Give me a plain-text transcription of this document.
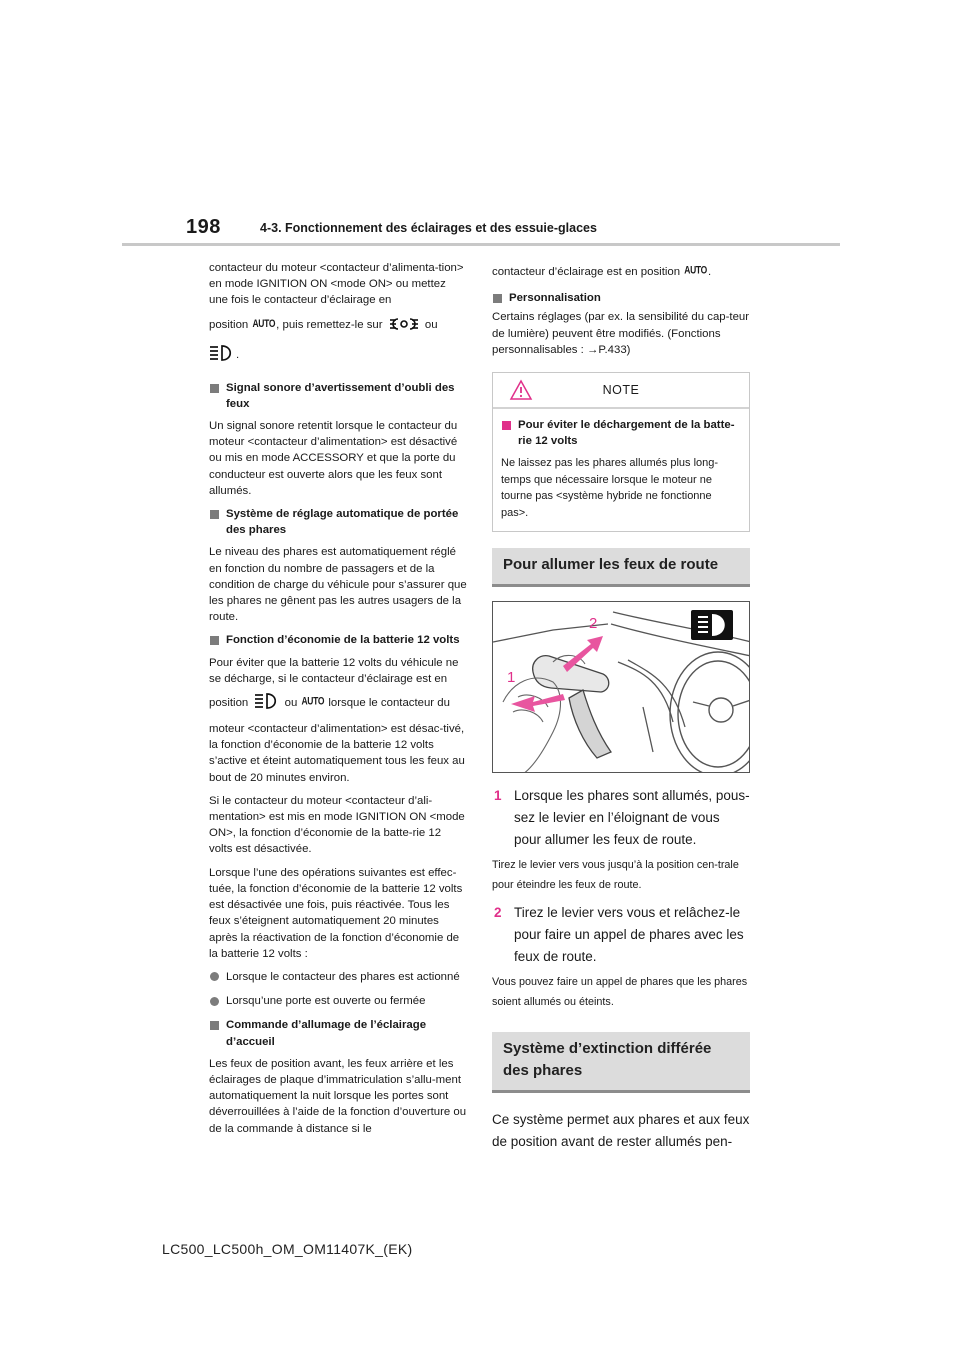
198	4-3. Fonctionnement des éclairages et des essuie-glaces

contacteur du moteur <contacteur d’alimenta-tion> en mode IGNITION ON <mode ON> ou mettez une fois le contacteur d’éclairage en

position AUTO, puis remettez-le sur	ou

.

Signal sonore d’avertissement d’oubli des feux

Un signal sonore retentit lorsque le contacteur du moteur <contacteur d’alimentation> est désactivé ou mis en mode ACCESSORY et que la porte du conducteur est ouverte alors que les feux sont allumés.

Système de réglage automatique de portée des phares

Le niveau des phares est automatiquement réglé en fonction du nombre de passagers et de la condition de charge du véhicule pour s’assurer que les phares ne gênent pas les autres usagers de la route.

Fonction d’économie de la batterie 12 volts

Pour éviter que la batterie 12 volts du véhicule ne se décharge, si le contacteur d’éclairage est en

position	ou AUTO lorsque le contacteur du

moteur <contacteur d’alimentation> est désac-tivé, la fonction d’économie de la batterie 12 volts s’active et éteint automatiquement tous les feux au bout de 20 minutes environ.

Si le contacteur du moteur <contacteur d’ali-mentation> est mis en mode IGNITION ON <mode ON>, la fonction d’économie de la batte-rie 12 volts est désactivée.

Lorsque l’une des opérations suivantes est effec-tuée, la fonction d’économie de la batterie 12 volts est désactivée une fois, puis réactivée. Tous les feux s’éteignent automatiquement 20 minutes après la réactivation de la fonction d’économie de la batterie 12 volts :

Lorsque le contacteur des phares est actionné
Lorsqu’une porte est ouverte ou fermée
Commande d’allumage de l’éclairage d’accueil

Les feux de position avant, les feux arrière et les éclairages de plaque d’immatriculation s’allu-ment automatiquement la nuit lorsque les portes sont déverrouillées à l’aide de la fonction d’ouverture ou de la commande à distance si le

contacteur d’éclairage est en position AUTO.

Personnalisation

Certains réglages (par ex. la sensibilité du cap-teur de lumière) peuvent être modifiés. (Fonctions personnalisables : →P.433)

NOTE
Pour éviter le déchargement de la batte-rie 12 volts

Ne laissez pas les phares allumés plus long-temps que nécessaire lorsque le moteur ne tourne pas <système hybride ne fonctionne pas>.

Pour allumer les feux de route
1
2
1 Lorsque les phares sont allumés, pous-sez le levier en l’éloignant de vous pour allumer les feux de route.

Tirez le levier vers vous jusqu’à la position cen-trale pour éteindre les feux de route.

2 Tirez le levier vers vous et relâchez-le pour faire un appel de phares avec les feux de route.

Vous pouvez faire un appel de phares que les phares soient allumés ou éteints.

Système d’extinction différée des phares

Ce système permet aux phares et aux feux de position avant de rester allumés pen-

LC500_LC500h_OM_OM11407K_(EK)
